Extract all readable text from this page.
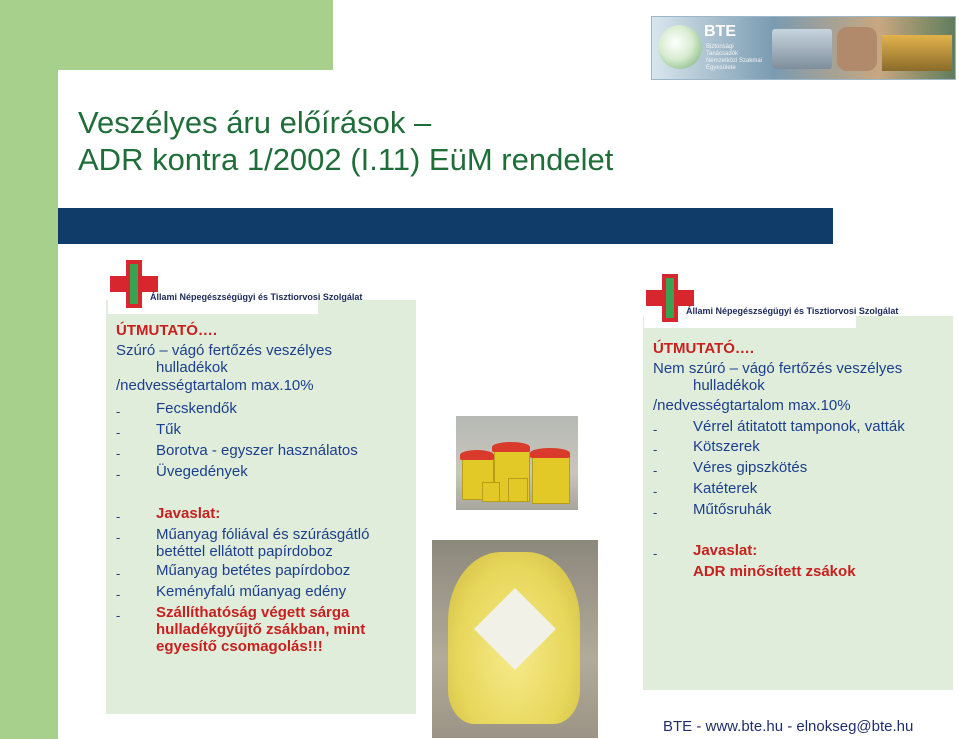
BTE
Biztonsági Tanácsadók Nemzetközi Szakmai Egyesülete
Veszélyes áru előírások –
ADR kontra 1/2002 (I.11) EüM rendelet
Állami Népegészségügyi és Tisztiorvosi Szolgálat
ÚTMUTATÓ….
Szúró – vágó fertőzés veszélyes
hulladékok
/nedvességtartalom max.10%
- Fecskendők
- Tűk
- Borotva - egyszer használatos
- Üvegedények
- Javaslat:
- Műanyag fóliával és szúrásgátló
betéttel ellátott papírdoboz
- Műanyag betétes papírdoboz
- Keményfalú műanyag edény
- Szállíthatóság végett sárga
hulladékgyűjtő zsákban, mint
egyesítő csomagolás!!!
Állami Népegészségügyi és Tisztiorvosi Szolgálat
ÚTMUTATÓ….
Nem szúró – vágó fertőzés veszélyes
hulladékok
/nedvességtartalom max.10%
- Vérrel átitatott tamponok, vatták
- Kötszerek
- Véres gipszkötés
- Katéterek
- Műtősruhák
- Javaslat:
ADR minősített zsákok
BTE - www.bte.hu - elnokseg@bte.hu
